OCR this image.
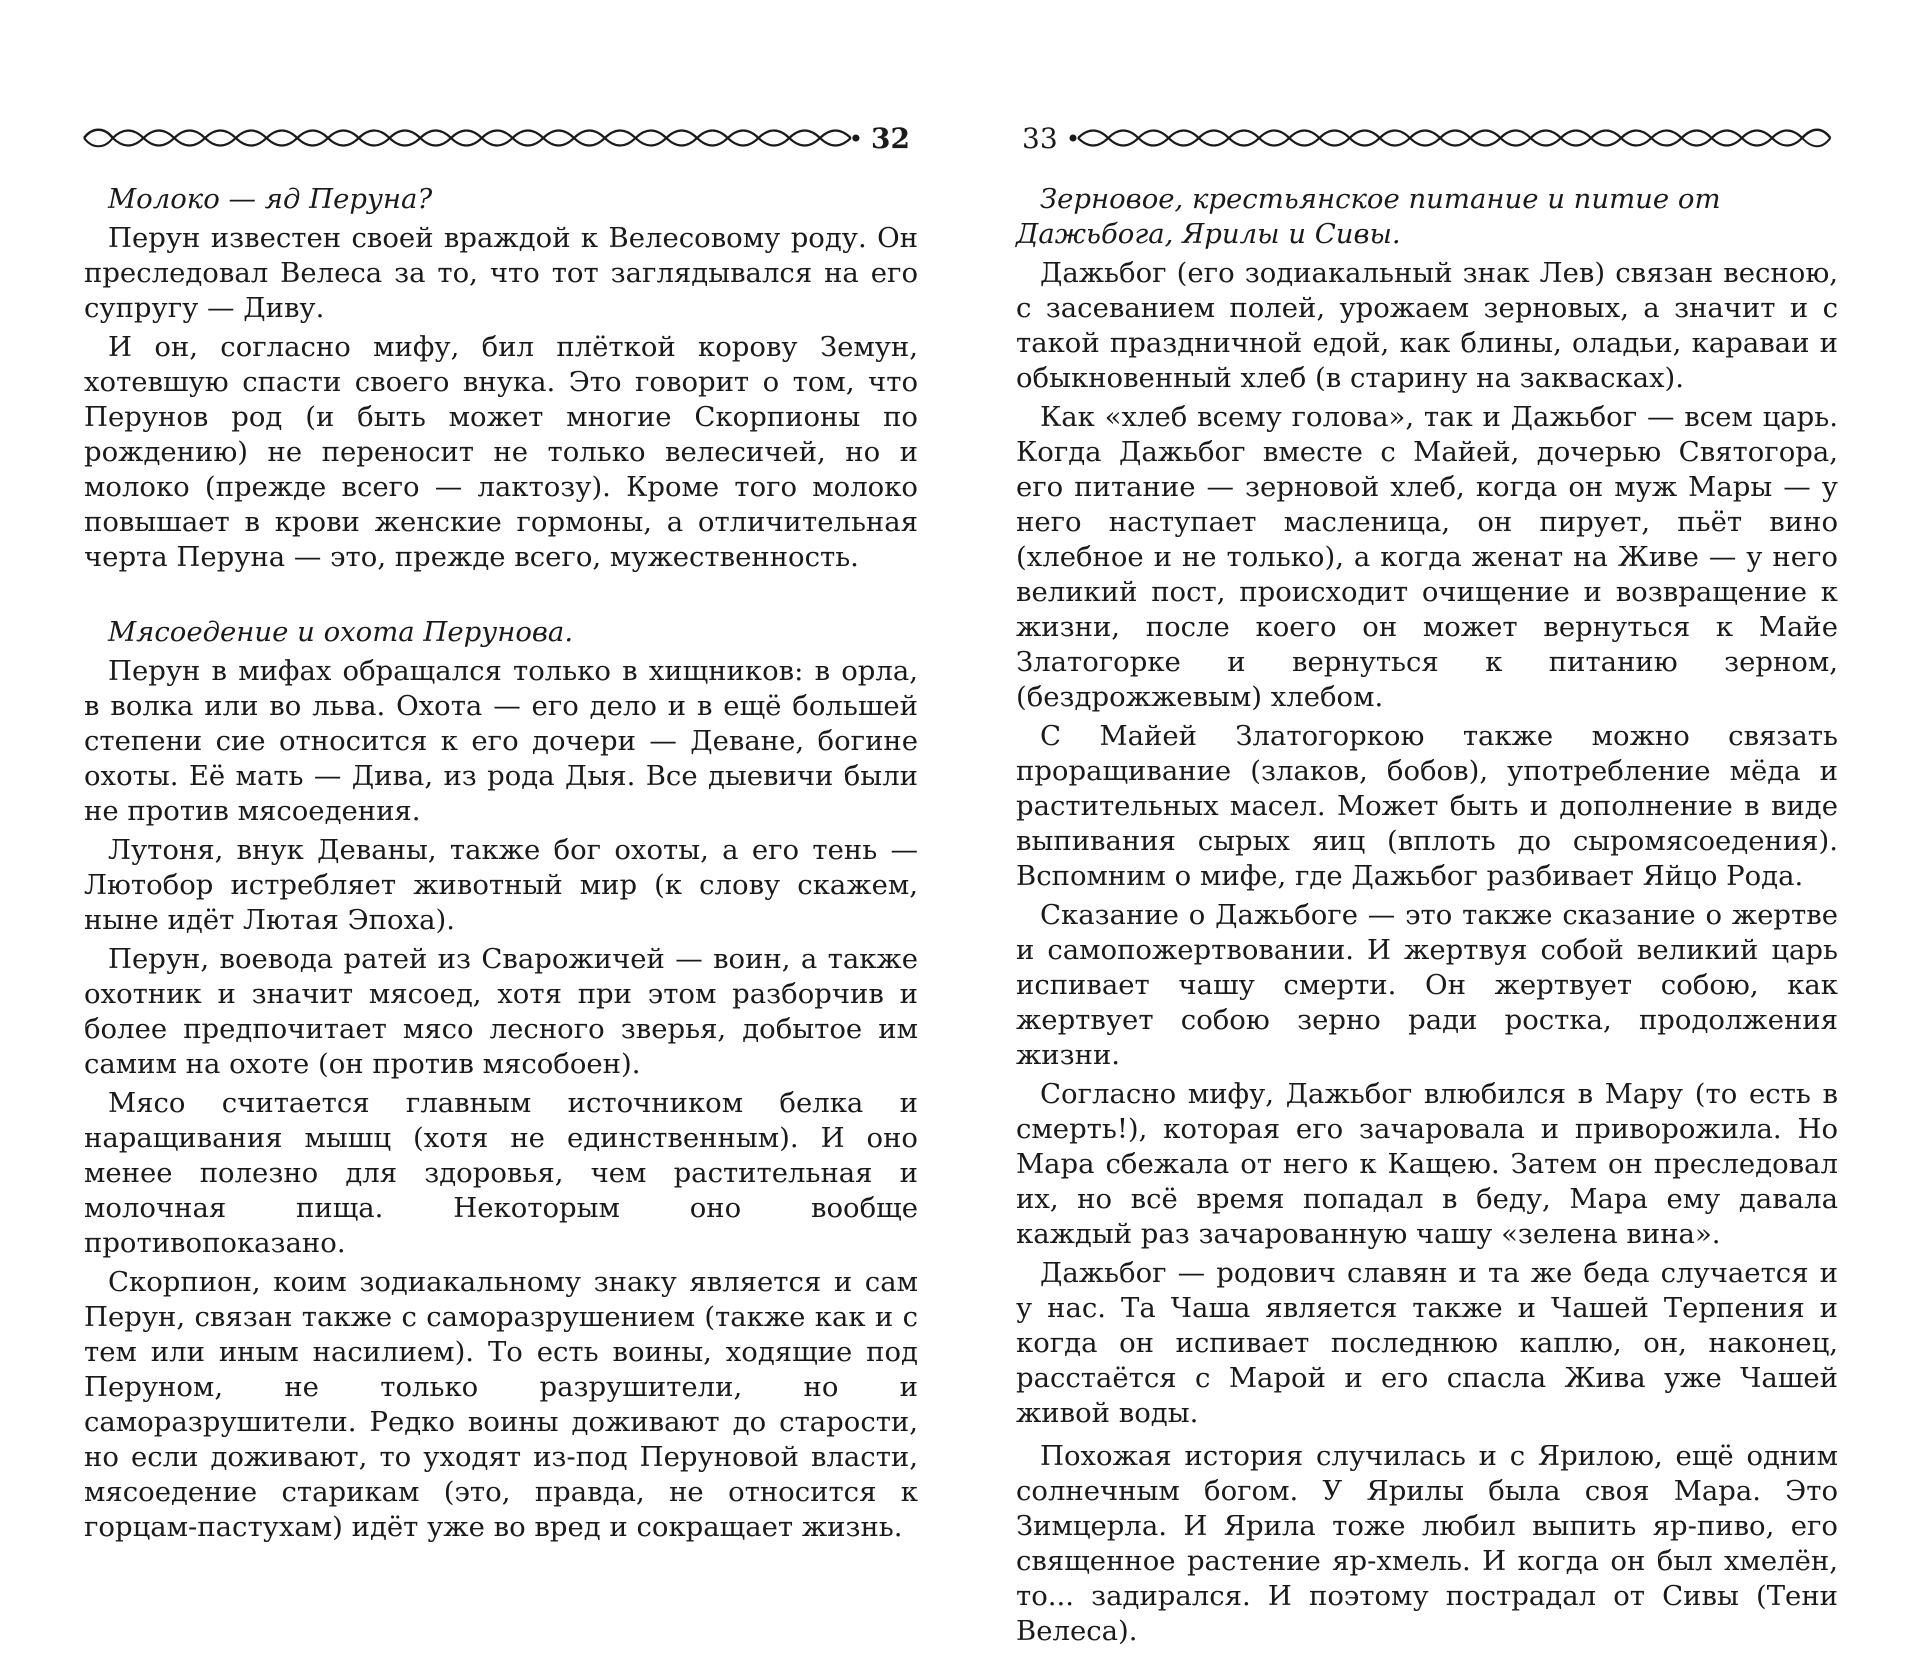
32

Молоко — яд Перуна?

Перун известен своей враждой к Велесовому роду. Он преследовал Велеса за то, что тот заглядывался на его супругу — Диву.

И он, согласно мифу, бил плёткой корову Земун, хотевшую спасти своего внука. Это говорит о том, что Перунов род (и быть может многие Скорпионы по рождению) не переносит не только велесичей, но и молоко (прежде всего — лактозу). Кроме того молоко повышает в крови женские гормоны, а отличительная черта Перуна — это, прежде всего, мужественность.

Мясоедение и охота Перунова.

Перун в мифах обращался только в хищников: в орла, в волка или во льва. Охота — его дело и в ещё большей степени сие относится к его дочери — Деване, богине охоты. Её мать — Дива, из рода Дыя. Все дыевичи были не против мясоедения.

Лутоня, внук Деваны, также бог охоты, а его тень —Лютобор истребляет животный мир (к слову скажем, ныне идёт Лютая Эпоха).

Перун, воевода ратей из Сварожичей — воин, а также охотник и значит мясоед, хотя при этом разборчив и более предпочитает мясо лесного зверья, добытое им самим на охоте (он против мясобоен).

Мясо считается главным источником белка и наращивания мышц (хотя не единственным). И оно менее полезно для здоровья, чем растительная и молочная пища. Некоторым оно вообще противопоказано.

Скорпион, коим зодиакальному знаку является и сам Перун, связан также с саморазрушением (также как и с тем или иным насилием). То есть воины, ходящие под Перуном, не только разрушители, но и саморазрушители. Редко воины доживают до старости, но если доживают, то уходят из-под Перуновой власти, мясоедение старикам (это, правда, не относится к горцам-пастухам) идёт уже во вред и сокращает жизнь.

33

Зерновое, крестьянское питание и питие от Дажьбога, Ярилы и Сивы.

Дажьбог (его зодиакальный знак Лев) связан весною, с засеванием полей, урожаем зерновых, а значит и с такой праздничной едой, как блины, оладьи, караваи и обыкновенный хлеб (в старину на заквасках).

Как «хлеб всему голова», так и Дажьбог — всем царь. Когда Дажьбог вместе с Майей, дочерью Святогора, его питание — зерновой хлеб, когда он муж Мары — у него наступает масленица, он пирует, пьёт вино (хлебное и не только), а когда женат на Живе — у него великий пост, происходит очищение и возвращение к жизни, после коего он может вернуться к Майе Златогорке и вернуться к питанию зерном, (бездрожжевым) хлебом.

С Майей Златогоркою также можно связать проращивание (злаков, бобов), употребление мёда и растительных масел. Может быть и дополнение в виде выпивания сырых яиц (вплоть до сыромясоедения). Вспомним о мифе, где Дажьбог разбивает Яйцо Рода.

Сказание о Дажьбоге — это также сказание о жертве и самопожертвовании. И жертвуя собой великий царь испивает чашу смерти. Он жертвует собою, как жертвует собою зерно ради ростка, продолжения жизни.

Согласно мифу, Дажьбог влюбился в Мару (то есть в смерть!), которая его зачаровала и приворожила. Но Мара сбежала от него к Кащею. Затем он преследовал их, но всё время попадал в беду, Мара ему давала каждый раз зачарованную чашу «зелена вина».

Дажьбог — родович славян и та же беда случается и у нас. Та Чаша является также и Чашей Терпения и когда он испивает последнюю каплю, он, наконец, расстаётся с Марой и его спасла Жива уже Чашей живой воды.

Похожая история случилась и с Ярилою, ещё одним солнечным богом. У Ярилы была своя Мара. Это Зимцерла. И Ярила тоже любил выпить яр-пиво, его священное растение яр-хмель. И когда он был хмелён, то... задирался. И поэтому пострадал от Сивы (Тени Велеса).
